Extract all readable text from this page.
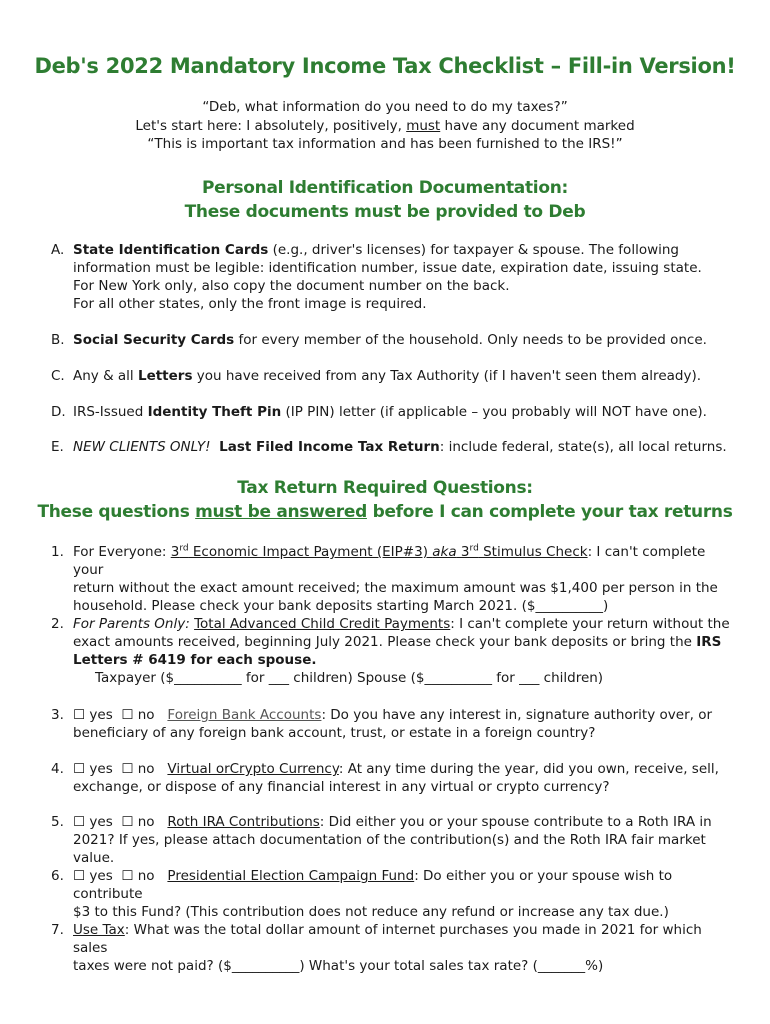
Deb's 2022 Mandatory Income Tax Checklist – Fill-in Version!
“Deb, what information do you need to do my taxes?”
Let's start here: I absolutely, positively, must have any document marked
“This is important tax information and has been furnished to the IRS!”
Personal Identification Documentation:
These documents must be provided to Deb
A. State Identification Cards (e.g., driver's licenses) for taxpayer & spouse. The following
information must be legible: identification number, issue date, expiration date, issuing state.
For New York only, also copy the document number on the back.
For all other states, only the front image is required.
B. Social Security Cards for every member of the household. Only needs to be provided once.
C. Any & all Letters you have received from any Tax Authority (if I haven't seen them already).
D. IRS-Issued Identity Theft Pin (IP PIN) letter (if applicable – you probably will NOT have one).
E. NEW CLIENTS ONLY! Last Filed Income Tax Return: include federal, state(s), all local returns.
Tax Return Required Questions:
These questions must be answered before I can complete your tax returns
1. For Everyone: 3rd Economic Impact Payment (EIP#3) aka 3rd Stimulus Check: I can't complete your
return without the exact amount received; the maximum amount was $1,400 per person in the
household. Please check your bank deposits starting March 2021. ($__________)
2. For Parents Only: Total Advanced Child Credit Payments: I can't complete your return without the
exact amounts received, beginning July 2021. Please check your bank deposits or bring the IRS
Letters # 6419 for each spouse.
Taxpayer ($__________ for ___ children) Spouse ($__________ for ___ children)
3. ☐ yes ☐ no Foreign Bank Accounts: Do you have any interest in, signature authority over, or
beneficiary of any foreign bank account, trust, or estate in a foreign country?
4. ☐ yes ☐ no Virtual orCrypto Currency: At any time during the year, did you own, receive, sell,
exchange, or dispose of any financial interest in any virtual or crypto currency?
5. ☐ yes ☐ no Roth IRA Contributions: Did either you or your spouse contribute to a Roth IRA in
2021? If yes, please attach documentation of the contribution(s) and the Roth IRA fair market value.
6. ☐ yes ☐ no Presidential Election Campaign Fund: Do either you or your spouse wish to contribute
$3 to this Fund? (This contribution does not reduce any refund or increase any tax due.)
7. Use Tax: What was the total dollar amount of internet purchases you made in 2021 for which sales
taxes were not paid? ($__________) What's your total sales tax rate? (_______%)
